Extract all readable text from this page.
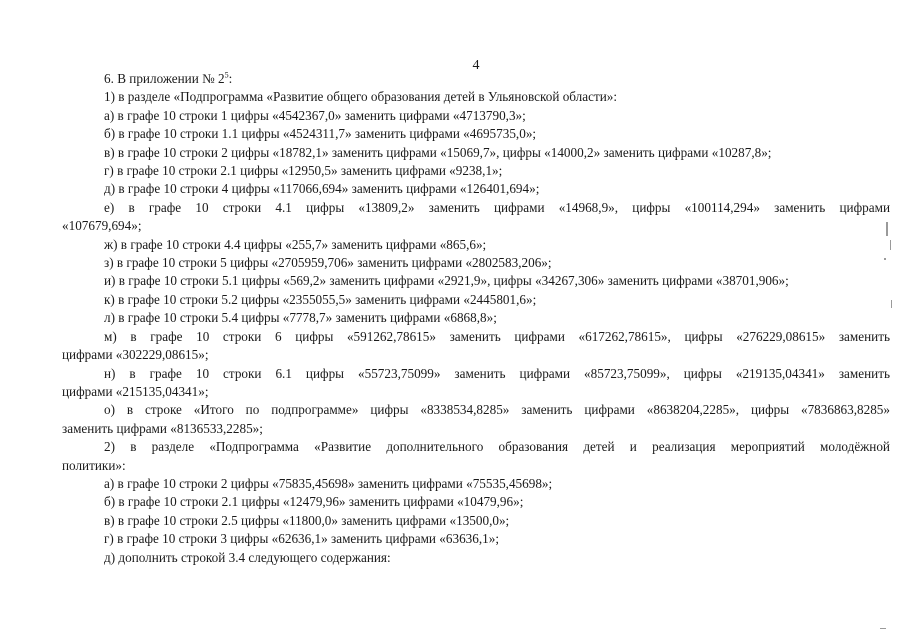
4
6. В приложении № $2^5$:
1) в разделе «Подпрограмма «Развитие общего образования детей в Ульяновской области»:
а) в графе 10 строки 1 цифры «4542367,0» заменить цифрами «4713790,3»;
б) в графе 10 строки 1.1 цифры «4524311,7» заменить цифрами «4695735,0»;
в) в графе 10 строки 2 цифры «18782,1» заменить цифрами «15069,7», цифры «14000,2» заменить цифрами «10287,8»;
г) в графе 10 строки 2.1 цифры «12950,5» заменить цифрами «9238,1»;
д) в графе 10 строки 4 цифры «117066,694» заменить цифрами «126401,694»;
е) в графе 10 строки 4.1 цифры «13809,2» заменить цифрами «14968,9», цифры «100114,294» заменить цифрами
«107679,694»;
ж) в графе 10 строки 4.4 цифры «255,7» заменить цифрами «865,6»;
з) в графе 10 строки 5 цифры «2705959,706» заменить цифрами «2802583,206»;
и) в графе 10 строки 5.1 цифры «569,2» заменить цифрами «2921,9», цифры «34267,306» заменить цифрами «38701,906»;
к) в графе 10 строки 5.2 цифры «2355055,5» заменить цифрами «2445801,6»;
л) в графе 10 строки 5.4 цифры «7778,7» заменить цифрами «6868,8»;
м) в графе 10 строки 6 цифры «591262,78615» заменить цифрами «617262,78615», цифры «276229,08615» заменить
цифрами «302229,08615»;
н) в графе 10 строки 6.1 цифры «55723,75099» заменить цифрами «85723,75099», цифры «219135,04341» заменить
цифрами «215135,04341»;
о) в строке «Итого по подпрограмме» цифры «8338534,8285» заменить цифрами «8638204,2285», цифры «7836863,8285»
заменить цифрами «8136533,2285»;
2) в разделе «Подпрограмма «Развитие дополнительного образования детей и реализация мероприятий молодёжной
политики»:
а) в графе 10 строки 2 цифры «75835,45698» заменить цифрами «75535,45698»;
б) в графе 10 строки 2.1 цифры «12479,96» заменить цифрами «10479,96»;
в) в графе 10 строки 2.5 цифры «11800,0» заменить цифрами «13500,0»;
г) в графе 10 строки 3 цифры «62636,1» заменить цифрами «63636,1»;
д) дополнить строкой 3.4 следующего содержания:
